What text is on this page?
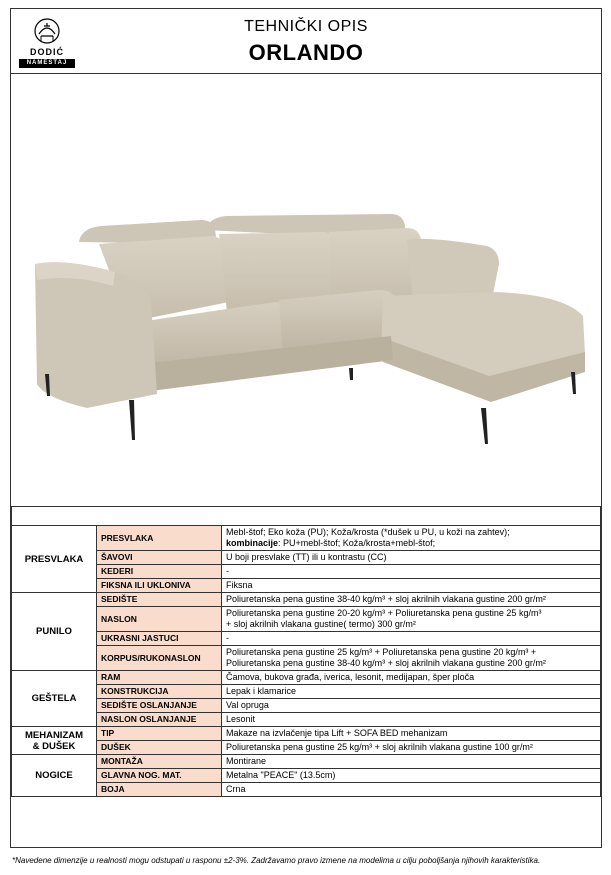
DODIĆ
NAMEŠTAJ
TEHNIČKI OPIS
ORLANDO

PRESVLAKA	PRESVLAKA	Mebl-štof; Eko koža (PU); Koža/krosta (*dušek u PU, u koži na zahtev);
kombinacije: PU+mebl-štof; Koža/krosta+mebl-štof;

	ŠAVOVI	U boji presvlake (TT) ili u kontrastu (CC)
	KEDERI	-
	FIKSNA ILI UKLONIVA	Fiksna
PUNILO	SEDIŠTE	Poliuretanska pena gustine 38-40 kg/m³ + sloj akrilnih vlakana gustine 200 gr/m²
	NASLON	Poliuretanska pena gustine 20-20 kg/m³ + Poliuretanska pena gustine 25 kg/m³
+ sloj akrilnih vlakana gustine( termo) 300 gr/m²

	UKRASNI JASTUCI	-
	KORPUS/RUKONASLON	Poliuretanska pena gustine 25 kg/m³ + Poliuretanska pena gustine 20 kg/m³ +
Poliuretanska pena gustine 38-40 kg/m³ + sloj akrilnih vlakana gustine 200 gr/m²

GEŠTELA	RAM	Čamova, bukova građa, iverica, lesonit, medijapan, šper ploča
	KONSTRUKCIJA	Lepak i klamarice
	SEDIŠTE OSLANJANJE	Val opruga
	NASLON OSLANJANJE	Lesonit

MEHANIZAM
& DUŠEK	TIP	Makaze na izvlačenje tipa Lift + SOFA BED mehanizam
	DUŠEK	Poliuretanska pena gustine 25 kg/m³ + sloj akrilnih vlakana gustine 100 gr/m²
NOGICE	MONTAŽA	Montirane
	GLAVNA NOG. MAT.	Metalna "PEACE" (13.5cm)
	BOJA	Crna
*Navedene dimenzije u realnosti mogu odstupati u rasponu ±2-3%. Zadržavamo pravo izmene na modelima u cilju poboljšanja njihovih karakteristika.
